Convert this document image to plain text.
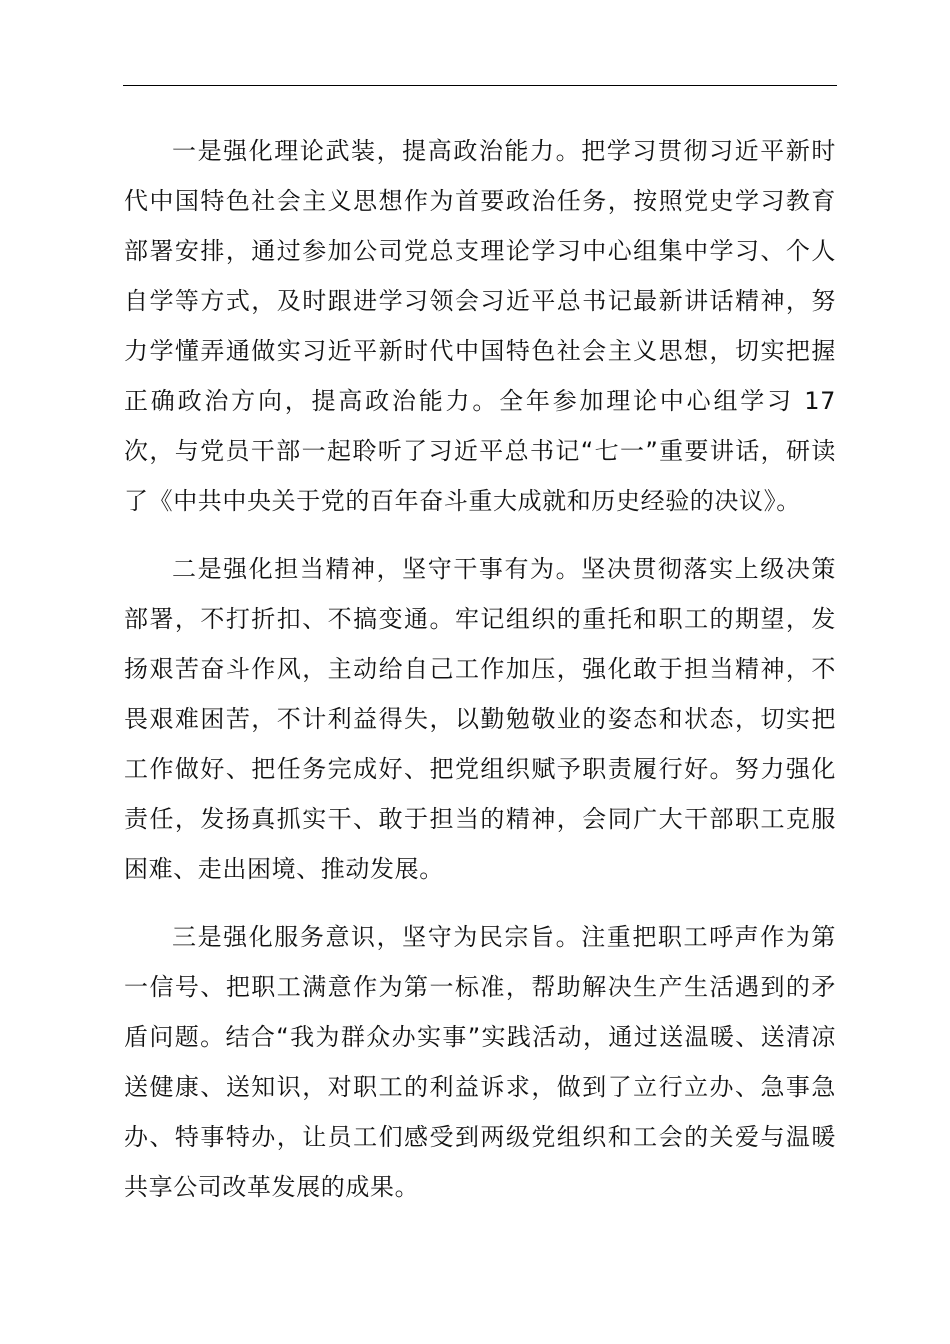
一是强化理论武装，提高政治能力。把学习贯彻习近平新时代中国特色社会主义思想作为首要政治任务，按照党史学习教育部署安排，通过参加公司党总支理论学习中心组集中学习、个人自学等方式，及时跟进学习领会习近平总书记最新讲话精神，努力学懂弄通做实习近平新时代中国特色社会主义思想，切实把握正确政治方向，提高政治能力。全年参加理论中心组学习 17 次，与党员干部一起聆听了习近平总书记“七一”重要讲话，研读了《中共中央关于党的百年奋斗重大成就和历史经验的决议》。

二是强化担当精神，坚守干事有为。坚决贯彻落实上级决策部署，不打折扣、不搞变通。牢记组织的重托和职工的期望，发扬艰苦奋斗作风，主动给自己工作加压，强化敢于担当精神，不畏艰难困苦，不计利益得失，以勤勉敬业的姿态和状态，切实把工作做好、把任务完成好、把党组织赋予职责履行好。努力强化责任，发扬真抓实干、敢于担当的精神，会同广大干部职工克服困难、走出困境、推动发展。

三是强化服务意识，坚守为民宗旨。注重把职工呼声作为第一信号、把职工满意作为第一标准，帮助解决生产生活遇到的矛盾问题。结合“我为群众办实事”实践活动，通过送温暖、送清凉送健康、送知识，对职工的利益诉求，做到了立行立办、急事急办、特事特办，让员工们感受到两级党组织和工会的关爱与温暖共享公司改革发展的成果。
